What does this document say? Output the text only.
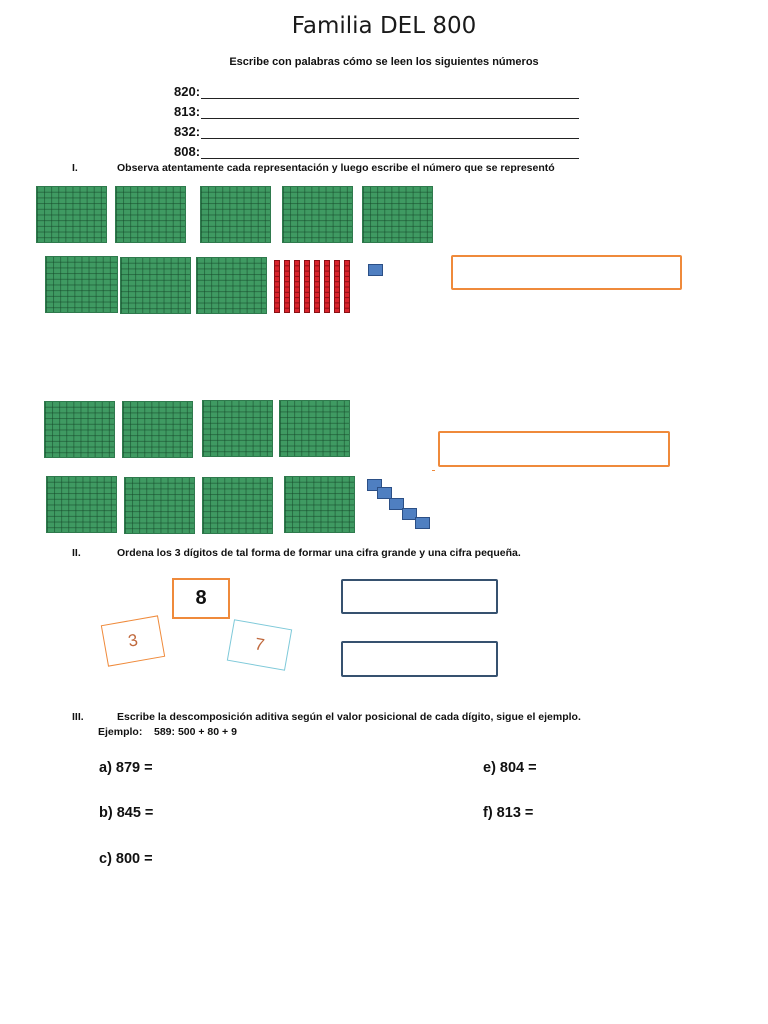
Familia DEL 800
Escribe con palabras cómo se leen los siguientes números
820:
813:
832:
808:
I.	Observa atentamente cada representación y luego escribe el número que se representó
II.	Ordena los 3 dígitos de tal forma de formar una cifra grande y una cifra pequeña.
8
3	7
III.	Escribe la descomposición aditiva según el valor posicional de cada dígito, sigue el ejemplo.
Ejemplo:    589: 500 + 80 + 9
a) 879 =
b) 845 =
c) 800 =
e) 804 =
f) 813 =
